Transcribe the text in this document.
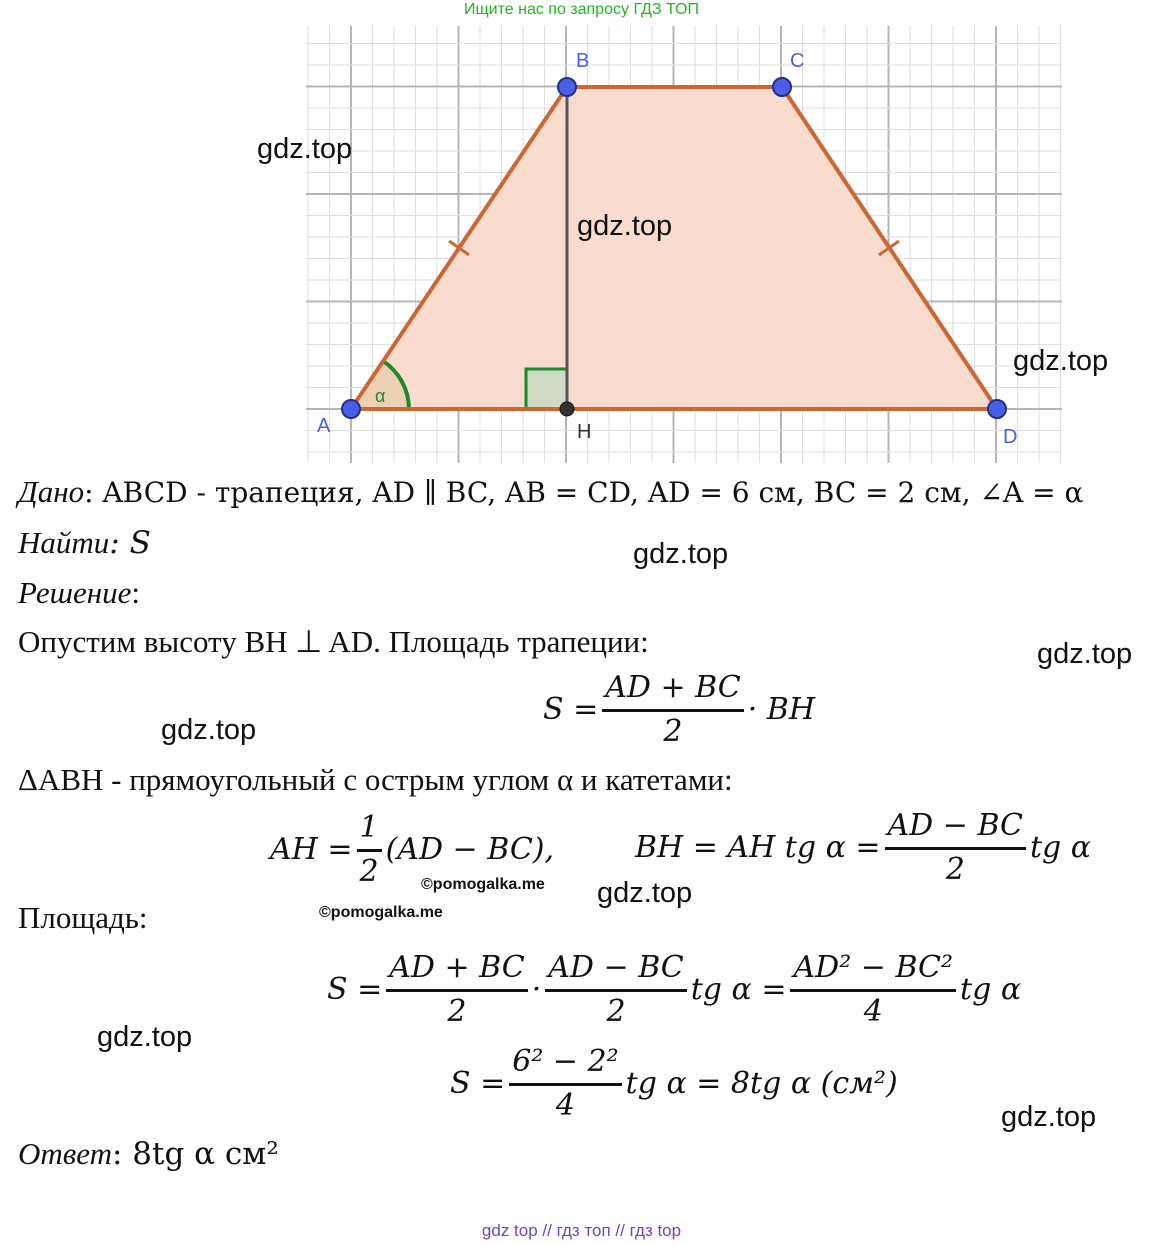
Ищите нас по запросу ГДЗ ТОП
A
B	C
D
H
α
gdz.top
gdz.top
gdz.top
gdz.top
gdz.top
gdz.top
gdz.top
gdz.top
gdz.top
©pomogalka.me
©pomogalka.me
Дано: ABCD - трапеция, AD ∥ BC, AB = CD, AD = 6 см, BC = 2 см, ∠A = α
Найти: S
Решение:
Опустим высоту BH ⊥ AD. Площадь трапеции:
$S = \frac{AD + BC}{2}$ · BH
ΔABH - прямоугольный с острым углом α и катетами:
AH = $\frac{1}{2} (AD - BC)$,	BH = AH tg $\alpha = \frac{AD - BC}{2}$ tg α
Площадь:
$S = \frac{AD + BC}{2} \cdot \frac{AD - BC}{2}$ tg $\alpha = \frac{\text{AD² − BC²}}{4}$ tg α
$S = \frac{\text{6² − 2²}}{4}$ tg α = 8tg α (см²)
Ответ: 8tg α см²
gdz top // гдз топ // гдз top
